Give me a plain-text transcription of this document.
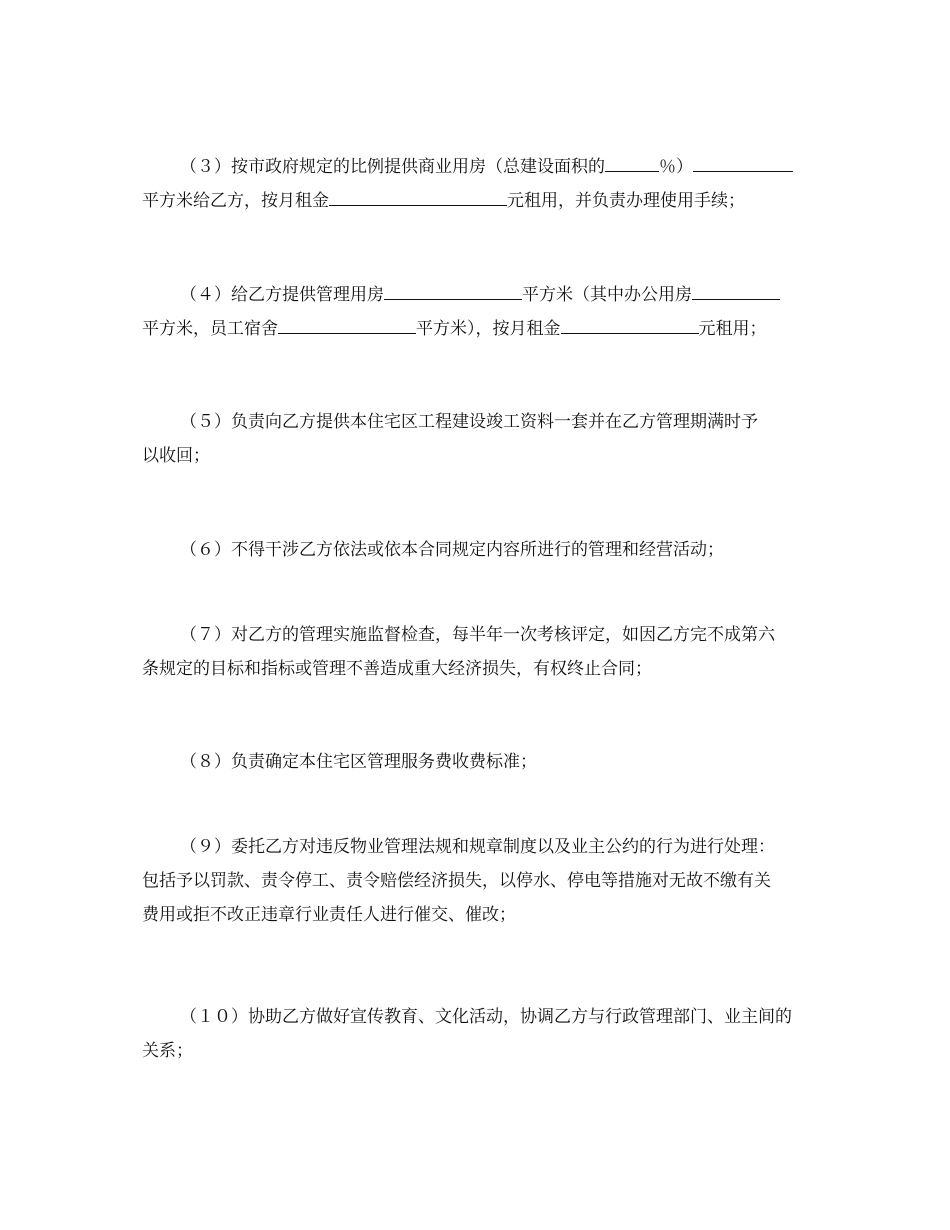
（３）按市政府规定的比例提供商业用房（总建设面积的	％）
平方米给乙方，按月租金	元租用，并负责办理使用手续；
（４）给乙方提供管理用房	平方米（其中办公用房
平方米，员工宿舍	平方米），按月租金	元租用；
（５）负责向乙方提供本住宅区工程建设竣工资料一套并在乙方管理期满时予
以收回；
（６）不得干涉乙方依法或依本合同规定内容所进行的管理和经营活动；
（７）对乙方的管理实施监督检查，每半年一次考核评定，如因乙方完不成第六
条规定的目标和指标或管理不善造成重大经济损失，有权终止合同；
（８）负责确定本住宅区管理服务费收费标准；
（９）委托乙方对违反物业管理法规和规章制度以及业主公约的行为进行处理：
包括予以罚款、责令停工、责令赔偿经济损失，以停水、停电等措施对无故不缴有关
费用或拒不改正违章行业责任人进行催交、催改；
（１０）协助乙方做好宣传教育、文化活动，协调乙方与行政管理部门、业主间的
关系；
